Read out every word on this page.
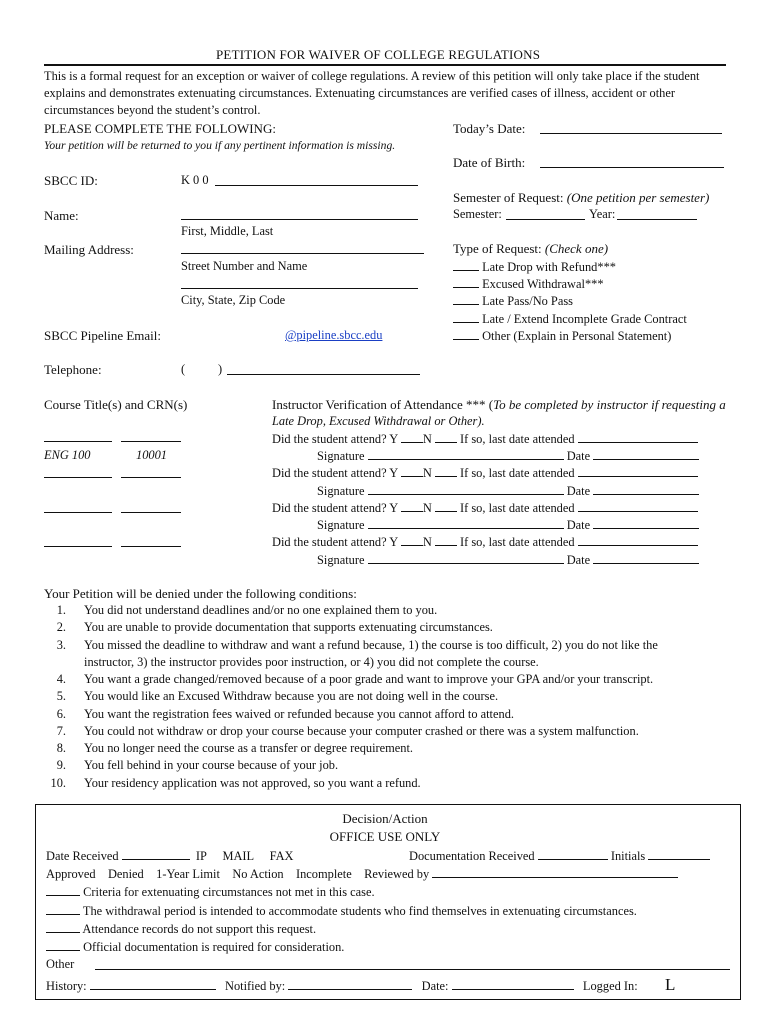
PETITION FOR WAIVER OF COLLEGE REGULATIONS
This is a formal request for an exception or waiver of college regulations. A review of this petition will only take place if the student
explains and demonstrates extenuating circumstances. Extenuating circumstances are verified cases of illness, accident or other
circumstances beyond the student’s control.
PLEASE COMPLETE THE FOLLOWING:
Your petition will be returned to you if any pertinent information is missing.
Today’s Date:
Date of Birth:
SBCC ID:	K 0 0
Name:
First, Middle, Last
Mailing Address:
Street Number and Name
City, State, Zip Code
SBCC Pipeline Email:	@pipeline.sbcc.edu
Telephone:	(	)
Semester of Request: (One petition per semester)
Semester:	Year:
Type of Request: (Check one)
Late Drop with Refund***
Excused Withdrawal***
Late Pass/No Pass
Late / Extend Incomplete Grade Contract
Other (Explain in Personal Statement)
Course Title(s) and CRN(s)
ENG 100	10001
Instructor Verification of Attendance *** (To be completed by instructor if requesting a
Late Drop, Excused Withdrawal or Other).
Did the student attend? Y N If so, last date attended
Signature	Date
Did the student attend? Y N If so, last date attended
Signature	Date
Did the student attend? Y N If so, last date attended
Signature	Date
Did the student attend? Y N If so, last date attended
Signature	Date
Your Petition will be denied under the following conditions:
1. You did not understand deadlines and/or no one explained them to you.
2. You are unable to provide documentation that supports extenuating circumstances.
3. You missed the deadline to withdraw and want a refund because, 1) the course is too difficult, 2) you do not like the
instructor, 3) the instructor provides poor instruction, or 4) you did not complete the course.
4. You want a grade changed/removed because of a poor grade and want to improve your GPA and/or your transcript.
5. You would like an Excused Withdraw because you are not doing well in the course.
6. You want the registration fees waived or refunded because you cannot afford to attend.
7. You could not withdraw or drop your course because your computer crashed or there was a system malfunction.
8. You no longer need the course as a transfer or degree requirement.
9. You fell behind in your course because of your job.
10. Your residency application was not approved, so you want a refund.
Decision/Action
OFFICE USE ONLY
Date Received	IP MAIL FAX	Documentation Received	Initials
Approved Denied 1-Year Limit No Action Incomplete Reviewed by
Criteria for extenuating circumstances not met in this case.
The withdrawal period is intended to accommodate students who find themselves in extenuating circumstances.
Attendance records do not support this request.
Official documentation is required for consideration.
Other
History:	Notified by:	Date:	Logged In: L
